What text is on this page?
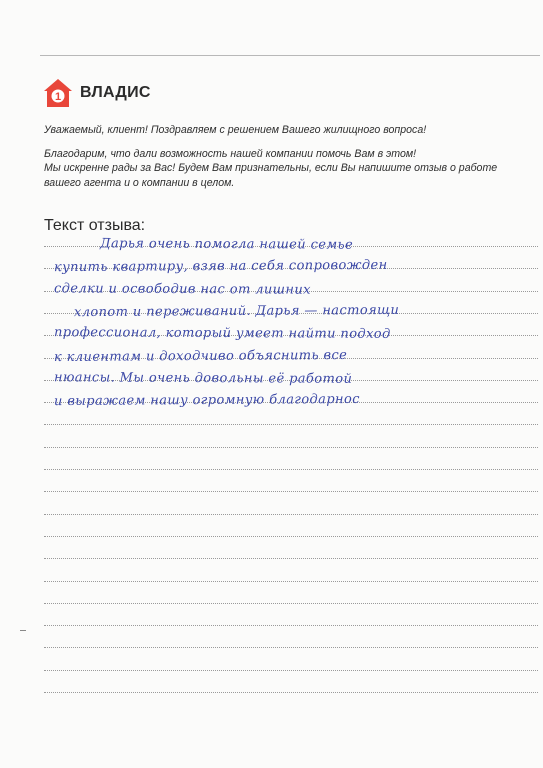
1 ВЛАДИС

Уважаемый, клиент! Поздравляем с решением Вашего жилищного вопроса!

Благодарим, что дали возможность нашей компании помочь Вам в этом!

Мы искренне рады за Вас! Будем Вам признательны, если Вы напишите отзыв о работе

вашего агента и о компании в целом.

Текст отзыва:
Дарья очень помогла нашей семье
купить квартиру, взяв на себя сопровожден
сделки и освободив нас от лишних
хлопот и переживаний. Дарья — настоящи
профессионал, который умеет найти подход
к клиентам и доходчиво объяснить все
нюансы. Мы очень довольны её работой
и выражаем нашу огромную благодарнос
